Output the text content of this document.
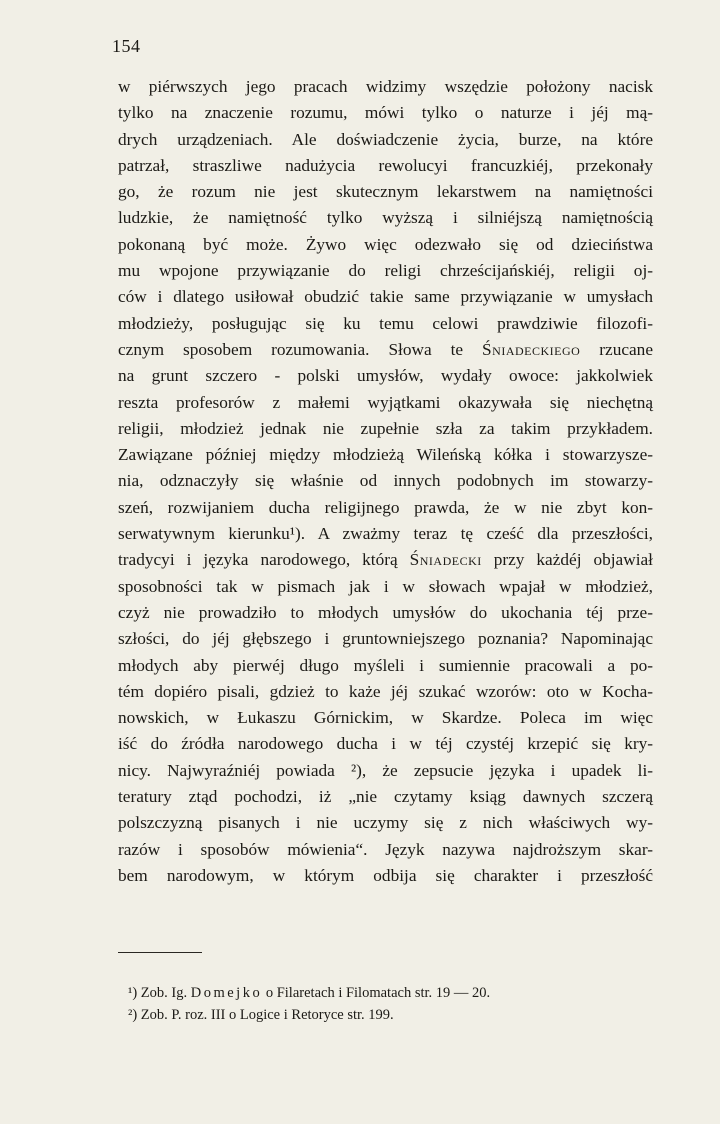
154
w piérwszych jego pracach widzimy wszędzie położony nacisk
tylko na znaczenie rozumu, mówi tylko o naturze i jéj mą-
drych urządzeniach. Ale doświadczenie życia, burze, na które
patrzał, straszliwe nadużycia rewolucyi francuzkiéj, przekonały
go, że rozum nie jest skutecznym lekarstwem na namiętności
ludzkie, że namiętność tylko wyższą i silniéjszą namiętnością
pokonaną być może. Żywo więc odezwało się od dzieciństwa
mu wpojone przywiązanie do religi chrześcijańskiéj, religii oj-
ców i dlatego usiłował obudzić takie same przywiązanie w umysłach
młodzieży, posługując się ku temu celowi prawdziwie filozofi-
cznym sposobem rozumowania. Słowa te Śniadeckiego rzucane
na grunt szczero - polski umysłów, wydały owoce: jakkolwiek
reszta profesorów z małemi wyjątkami okazywała się niechętną
religii, młodzież jednak nie zupełnie szła za takim przykładem.
Zawiązane później między młodzieżą Wileńską kółka i stowarzysze-
nia, odznaczyły się właśnie od innych podobnych im stowarzy-
szeń, rozwijaniem ducha religijnego prawda, że w nie zbyt kon-
serwatywnym kierunku¹). A zważmy teraz tę cześć dla przeszłości,
tradycyi i języka narodowego, którą Śniadecki przy każdéj objawiał
sposobności tak w pismach jak i w słowach wpajał w młodzież,
czyż nie prowadziło to młodych umysłów do ukochania téj prze-
szłości, do jéj głębszego i gruntowniejszego poznania? Napominając
młodych aby pierwéj długo myśleli i sumiennie pracowali a po-
tém dopiéro pisali, gdzież to każe jéj szukać wzorów: oto w Kocha-
nowskich, w Łukaszu Górnickim, w Skardze. Poleca im więc
iść do źródła narodowego ducha i w téj czystéj krzepić się kry-
nicy. Najwyraźniéj powiada ²), że zepsucie języka i upadek li-
teratury ztąd pochodzi, iż „nie czytamy ksiąg dawnych szczerą
polszczyzną pisanych i nie uczymy się z nich właściwych wy-
razów i sposobów mówienia“. Język nazywa najdroższym skar-
bem narodowym, w którym odbija się charakter i przeszłość
¹) Zob. Ig. Domejko o Filaretach i Filomatach str. 19 — 20.
²) Zob. P. roz. III o Logice i Retoryce str. 199.
